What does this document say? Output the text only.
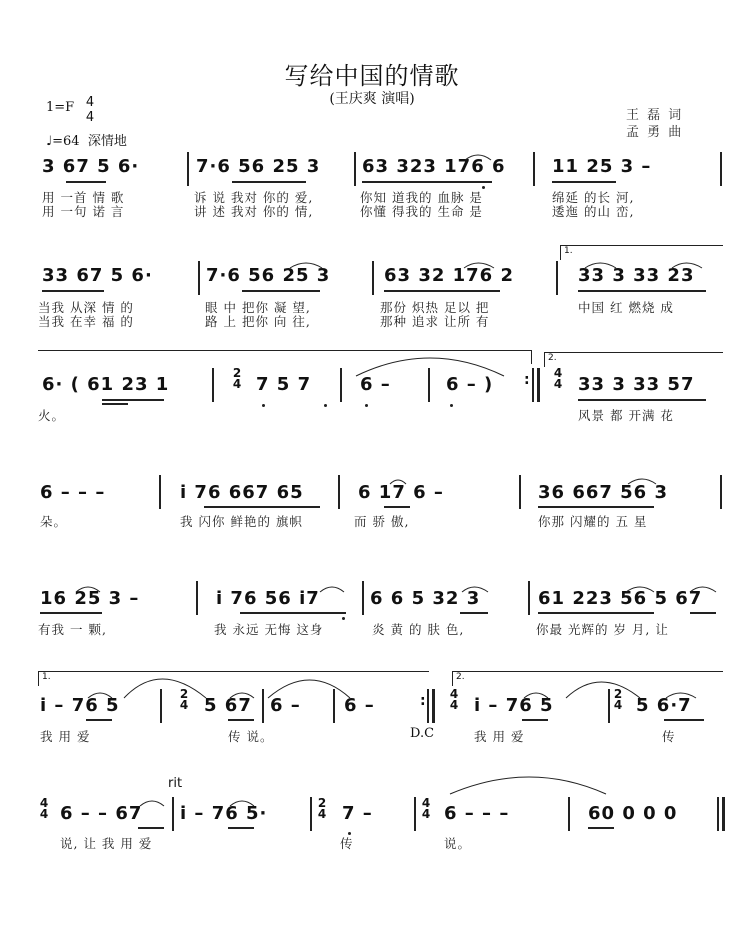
写给中国的情歌
(王庆爽 演唱)
1=F 4
4
♩=64 深情地
王 磊 词
孟 勇 曲
3 67 5 6·	7·6 56 25 3 63 323 176 6	11 25 3 –
用 一首 情 歌	诉 说 我对 你的 爱,	你知 道我的 血脉 是	绵延 的长 河,
用 一句 诺 言	讲 述 我对 你的 情,	你懂 得我的 生命 是	逶迤 的山 峦,
1.
33 67 5 6·	7·6 56 25 3	63 32 176 2	33 3 33 23
当我 从深 情 的	眼 中 把你 凝 望,	那份 炽热 足以 把	中国 红 燃烧 成
当我 在幸 福 的	路 上 把你 向 往,	那种 追求 让所 有
2.
6· ( 61 23 1
2
4 7 5 7	6 –	6 – ) : 4
4 33 3 33 57
火。	风景 都 开满 花
6 – – –	i 76 667 65	6 17 6 –	36 667 56 3
朵。	我 闪你 鲜艳的 旗帜	而 骄 傲,	你那 闪耀的 五 星
16 25 3 –	i 76 56 i7	6 6 5 32 3	61 223 56 5 67
有我 一 颗,	我 永远 无悔 这身	炎 黄 的 肤 色,	你最 光辉的 岁 月, 让
1.	2.
i – 76 5
2
4 5 67 6 – 6 –	: 4
4 i – 76 5
2
4 5 6·7
我 用 爱	传 说。	D.C	我 用 爱	传
rit
4
4 6 – – 67 i – 76 5·	2
4 7 –	4
4 6 – – –	60 0 0 0
说, 让 我 用 爱	传	说。
